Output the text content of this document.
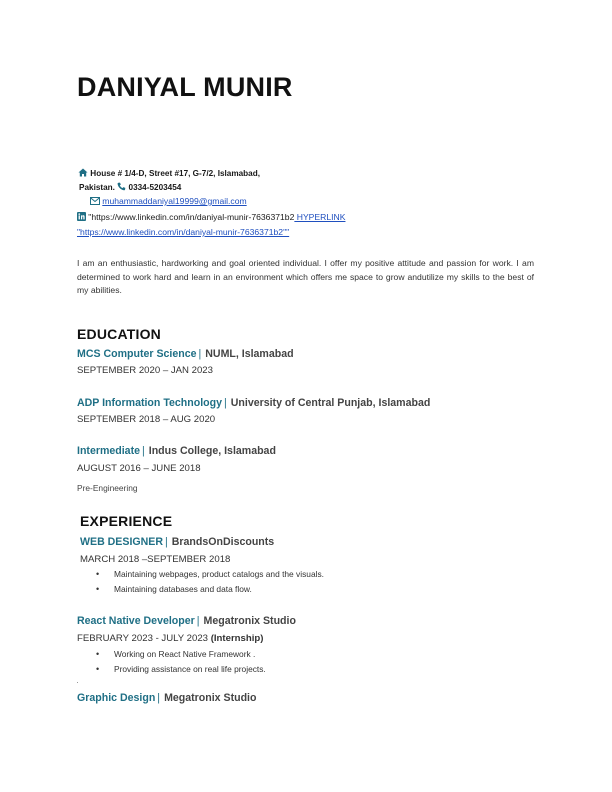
DANIYAL MUNIR
House # 1/4-D, Street #17, G-7/2, Islamabad,
Pakistan. 0334-5203454
muhammaddaniyal19999@gmail.com
"https://www.linkedin.com/in/daniyal-munir-7636371b2 HYPERLINK
"https://www.linkedin.com/in/daniyal-munir-7636371b2""
I am an enthusiastic, hardworking and goal oriented individual. I offer my positive attitude and passion for work. I am determined to work hard and learn in an environment which offers me space to grow andutilize my skills to the best of my abilities.
EDUCATION
MCS Computer Science | NUML, Islamabad
SEPTEMBER 2020 – JAN 2023
ADP Information Technology | University of Central Punjab, Islamabad
SEPTEMBER 2018 – AUG 2020
Intermediate | Indus College, Islamabad
AUGUST 2016 – JUNE 2018
Pre-Engineering
EXPERIENCE
WEB DESIGNER | BrandsOnDiscounts
MARCH 2018 –SEPTEMBER 2018
• Maintaining webpages, product catalogs and the visuals.
• Maintaining databases and data flow.
React Native Developer | Megatronix Studio
FEBRUARY 2023 - JULY 2023 (Internship)
• Working on React Native Framework .
• Providing assistance on real life projects.
Graphic Design | Megatronix Studio
